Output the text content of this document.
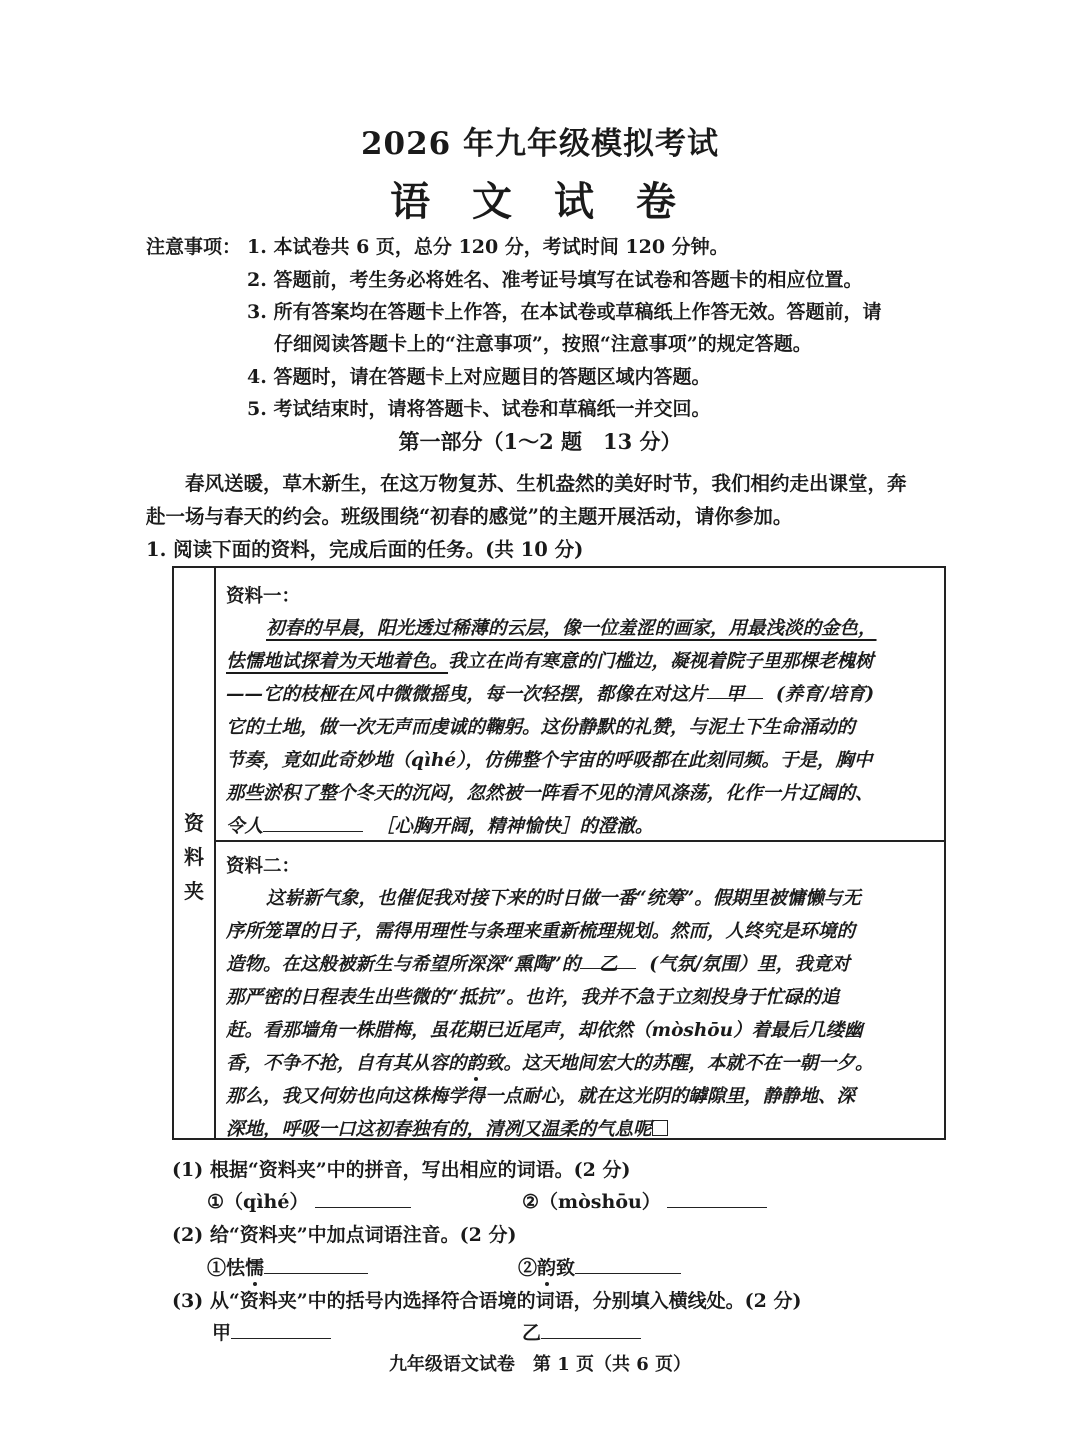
2026 年九年级模拟考试
语 文 试 卷
注意事项： 1. 本试卷共 6 页，总分 120 分，考试时间 120 分钟。
2. 答题前，考生务必将姓名、准考证号填写在试卷和答题卡的相应位置。
3. 所有答案均在答题卡上作答，在本试卷或草稿纸上作答无效。答题前，请
仔细阅读答题卡上的“注意事项”，按照“注意事项”的规定答题。
4. 答题时，请在答题卡上对应题目的答题区域内答题。
5. 考试结束时，请将答题卡、试卷和草稿纸一并交回。
第一部分（1～2 题　13 分）
春风送暖，草木新生，在这万物复苏、生机盎然的美好时节，我们相约走出课堂，奔
赴一场与春天的约会。班级围绕“初春的感觉”的主题开展活动，请你参加。
1. 阅读下面的资料，完成后面的任务。(共 10 分)
资
料
夹
资料一：
初春的早晨，阳光透过稀薄的云层，像一位羞涩的画家，用最浅淡的金色，
怯懦地试探着为天地着色。我立在尚有寒意的门槛边，凝视着院子里那棵老槐树
——它的枝桠在风中微微摇曳，每一次轻摆，都像在对这片 甲 (养育/培育)
它的土地，做一次无声而虔诚的鞠躬。这份静默的礼赞，与泥土下生命涌动的
节奏，竟如此奇妙地（qìhé），仿佛整个宇宙的呼吸都在此刻同频。于是，胸中
那些淤积了整个冬天的沉闷，忽然被一阵看不见的清风涤荡，化作一片辽阔的、
令人	［心胸开阔，精神愉快］的澄澈。
资料二：
这崭新气象，也催促我对接下来的时日做一番“统筹”。假期里被慵懒与无
序所笼罩的日子，需得用理性与条理来重新梳理规划。然而，人终究是环境的
造物。在这般被新生与希望所深深“熏陶”的 乙 (气氛/氛围）里，我竟对
那严密的日程表生出些微的“抵抗”。也许，我并不急于立刻投身于忙碌的追
赶。看那墙角一株腊梅，虽花期已近尾声，却依然（mòshōu）着最后几缕幽
香，不争不抢，自有其从容的韵致。这天地间宏大的苏醒，本就不在一朝一夕。
那么，我又何妨也向这株梅学得一点耐心，就在这光阴的罅隙里，静静地、深
深地，呼吸一口这初春独有的，清冽又温柔的气息呢
(1) 根据“资料夹”中的拼音，写出相应的词语。(2 分)
①（qìhé）	②（mòshōu）
(2) 给“资料夹”中加点词语注音。(2 分)
①怯懦	②韵致
(3) 从“资料夹”中的括号内选择符合语境的词语，分别填入横线处。(2 分)
甲	乙
九年级语文试卷　第 1 页（共 6 页）
